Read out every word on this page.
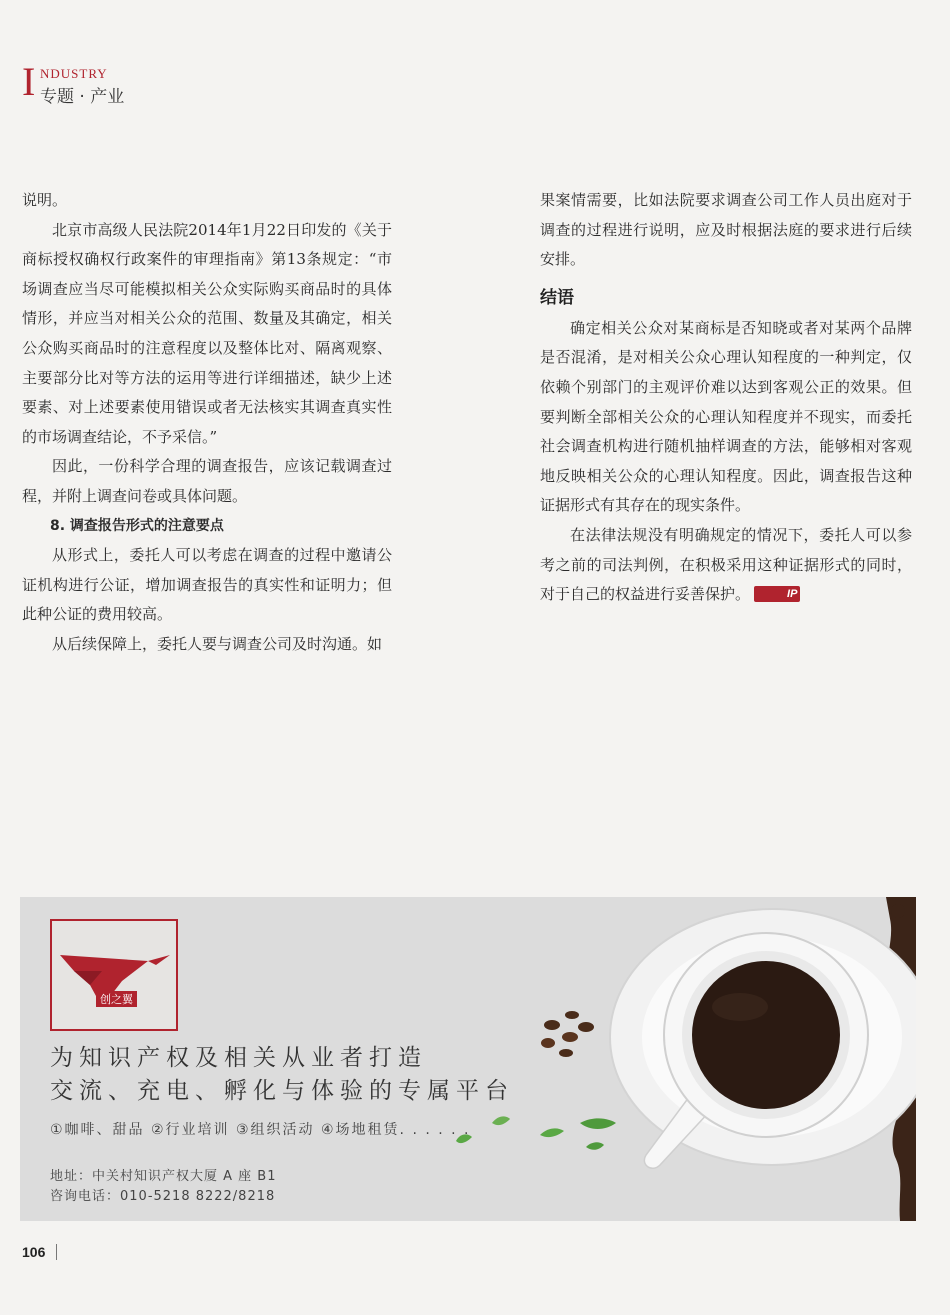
I NDUSTRY
专题 · 产业

说明。

北京市高级人民法院2014年1月22日印发的《关于商标授权确权行政案件的审理指南》第13条规定：“市场调查应当尽可能模拟相关公众实际购买商品时的具体情形，并应当对相关公众的范围、数量及其确定，相关公众购买商品时的注意程度以及整体比对、隔离观察、主要部分比对等方法的运用等进行详细描述，缺少上述要素、对上述要素使用错误或者无法核实其调查真实性的市场调查结论，不予采信。”

因此，一份科学合理的调查报告，应该记载调查过程，并附上调查问卷或具体问题。

8. 调查报告形式的注意要点

从形式上，委托人可以考虑在调查的过程中邀请公证机构进行公证，增加调查报告的真实性和证明力；但此种公证的费用较高。

从后续保障上，委托人要与调查公司及时沟通。如

果案情需要，比如法院要求调查公司工作人员出庭对于调查的过程进行说明，应及时根据法庭的要求进行后续安排。

结语

确定相关公众对某商标是否知晓或者对某两个品牌是否混淆，是对相关公众心理认知程度的一种判定，仅依赖个别部门的主观评价难以达到客观公正的效果。但要判断全部相关公众的心理认知程度并不现实，而委托社会调查机构进行随机抽样调查的方法，能够相对客观地反映相关公众的心理认知程度。因此，调查报告这种证据形式有其存在的现实条件。

在法律法规没有明确规定的情况下，委托人可以参考之前的司法判例，在积极采用这种证据形式的同时，对于自己的权益进行妥善保护。	IP

创之翼
为知识产权及相关从业者打造
交流、充电、孵化与体验的专属平台
①咖啡、甜品 ②行业培训 ③组织活动 ④场地租赁. . . . . .
地址：中关村知识产权大厦 A 座 B1
咨询电话：010-5218 8222/8218
106
